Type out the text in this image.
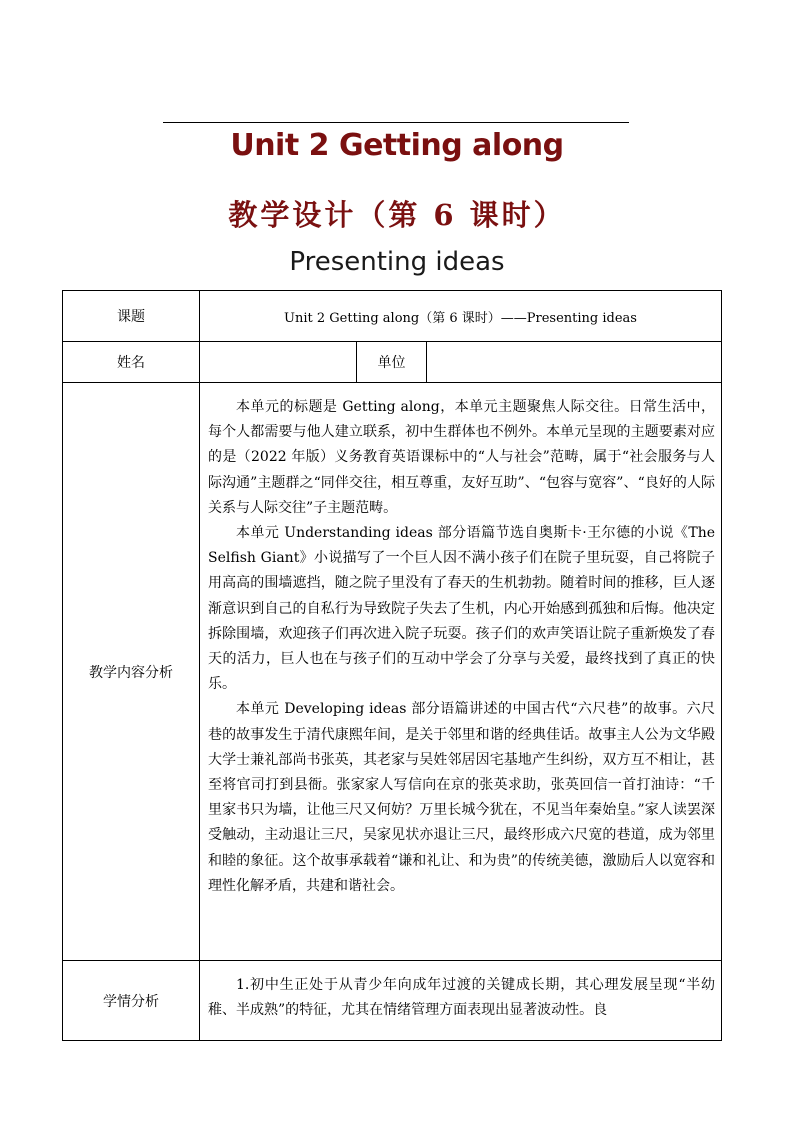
Unit 2 Getting along
教学设计（第 6 课时）
Presenting ideas
课题	Unit 2 Getting along（第 6 课时）——Presenting ideas		
姓名		单位	
教学内容分析	本单元的标题是 Getting along，本单元主题聚焦人际交往。日常生活中，每个人都需要与他人建立联系，初中生群体也不例外。本单元呈现的主题要素对应的是（2022 年版）义务教育英语课标中的“人与社会”范畴，属于“社会服务与人际沟通”主题群之“同伴交往，相互尊重，友好互助”、“包容与宽容”、“良好的人际关系与人际交往”子主题范畴。

本单元 Understanding ideas 部分语篇节选自奥斯卡·王尔德的小说《The Selfish Giant》小说描写了一个巨人因不满小孩子们在院子里玩耍，自己将院子用高高的围墙遮挡，随之院子里没有了春天的生机勃勃。随着时间的推移，巨人逐渐意识到自己的自私行为导致院子失去了生机，内心开始感到孤独和后悔。他决定拆除围墙，欢迎孩子们再次进入院子玩耍。孩子们的欢声笑语让院子重新焕发了春天的活力，巨人也在与孩子们的互动中学会了分享与关爱，最终找到了真正的快乐。

本单元 Developing ideas 部分语篇讲述的中国古代“六尺巷”的故事。六尺巷的故事发生于清代康熙年间，是关于邻里和谐的经典佳话。故事主人公为文华殿大学士兼礼部尚书张英，其老家与吴姓邻居因宅基地产生纠纷，双方互不相让，甚至将官司打到县衙。张家家人写信向在京的张英求助，张英回信一首打油诗：“千里家书只为墙，让他三尺又何妨？万里长城今犹在，不见当年秦始皇。”家人读罢深受触动，主动退让三尺，吴家见状亦退让三尺，最终形成六尺宽的巷道，成为邻里和睦的象征。这个故事承载着“谦和礼让、和为贵”的传统美德，激励后人以宽容和理性化解矛盾，共建和谐社会。		

学情分析	1.初中生正处于从青少年向成年过渡的关键成长期，其心理发展呈现“半幼稚、半成熟”的特征，尤其在情绪管理方面表现出显著波动性。良		
